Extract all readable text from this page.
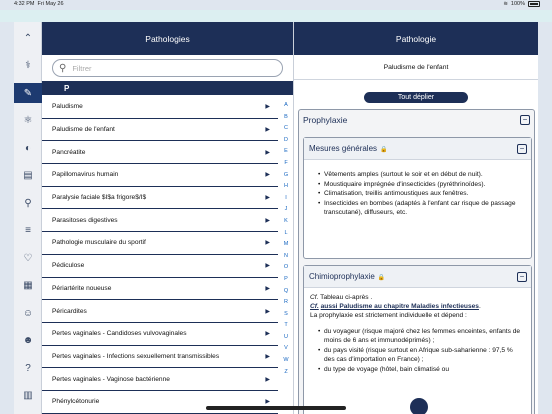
4:32 PM Fri May 26	≋ 100%
⌃
⚕
✎
⚛
◐
▤
⚲
≡
♡
▦
☺
☻
?
▥
Pathologies
⚲
Filtrer
P
Paludisme	▶
Paludisme de l'enfant	▶
Pancréatite	▶
Papillomavirus humain	▶
Paralysie faciale $I$a frigore$/I$	▶
Parasitoses digestives	▶
Pathologie musculaire du sportif	▶
Pédiculose	▶
Périartérite noueuse	▶
Péricardites	▶
Pertes vaginales - Candidoses vulvovaginales	▶
Pertes vaginales - Infections sexuellement transmissibles	▶
Pertes vaginales - Vaginose bactérienne	▶
Phénylcétonurie	▶
A
B
C
D
E
F
G
H
I
J
K
L
M
N
O
P
Q
R
S
T
U
V
W
Z
Pathologie
Paludisme de l'enfant
Tout déplier
Prophylaxie	−
Mesures générales 🔒	−
• Vêtements amples (surtout le soir et en début de nuit).
• Moustiquaire imprégnée d'insecticides (pyréthrinoïdes).
• Climatisation, treillis antimoustiques aux fenêtres.
• Insecticides en bombes (adaptés à l'enfant car risque de passage transcutané), diffuseurs, etc.
Chimioprophylaxie 🔒	−
Cf. Tableau ci-après .
Cf. aussi Paludisme au chapitre Maladies infectieuses.
La prophylaxie est strictement individuelle et dépend :
• du voyageur (risque majoré chez les femmes enceintes, enfants de moins de 6 ans et immunodéprimés) ;
• du pays visité (risque surtout en Afrique sub-saharienne : 97,5 % des cas d'importation en France) ;
• du type de voyage (hôtel, bain climatisé ou
